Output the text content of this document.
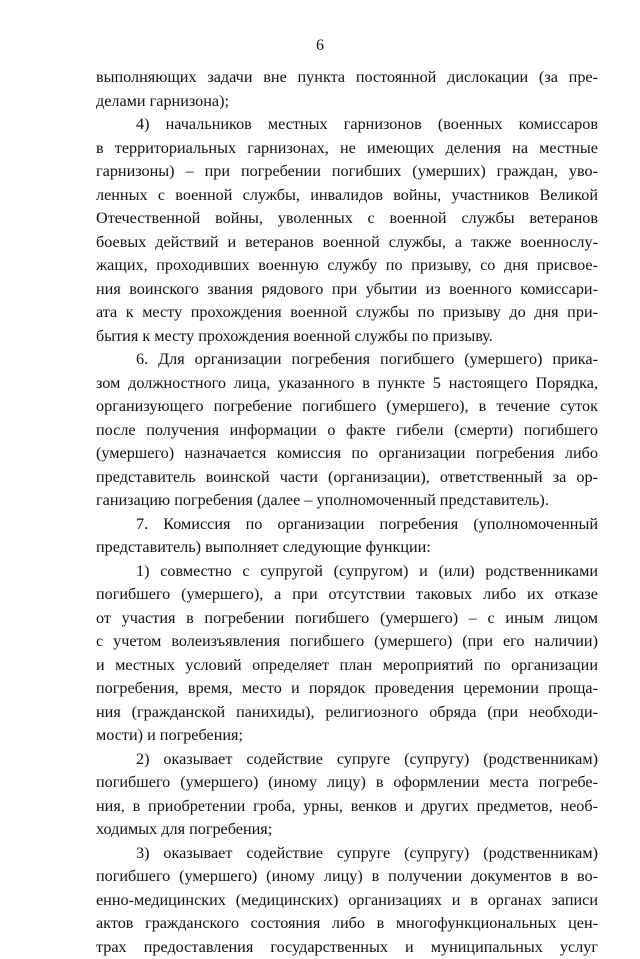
6
выполняющих задачи вне пункта постоянной дислокации (за пре-
делами гарнизона);
4) начальников местных гарнизонов (военных комиссаров
в территориальных гарнизонах, не имеющих деления на местные
гарнизоны) – при погребении погибших (умерших) граждан, уво-
ленных с военной службы, инвалидов войны, участников Великой
Отечественной войны, уволенных с военной службы ветеранов
боевых действий и ветеранов военной службы, а также военнослу-
жащих, проходивших военную службу по призыву, со дня присвое-
ния воинского звания рядового при убытии из военного комиссари-
ата к месту прохождения военной службы по призыву до дня при-
бытия к месту прохождения военной службы по призыву.
6. Для организации погребения погибшего (умершего) прика-
зом должностного лица, указанного в пункте 5 настоящего Порядка,
организующего погребение погибшего (умершего), в течение суток
после получения информации о факте гибели (смерти) погибшего
(умершего) назначается комиссия по организации погребения либо
представитель воинской части (организации), ответственный за ор-
ганизацию погребения (далее – уполномоченный представитель).
7. Комиссия по организации погребения (уполномоченный
представитель) выполняет следующие функции:
1) совместно с супругой (супругом) и (или) родственниками
погибшего (умершего), а при отсутствии таковых либо их отказе
от участия в погребении погибшего (умершего) – с иным лицом
с учетом волеизъявления погибшего (умершего) (при его наличии)
и местных условий определяет план мероприятий по организации
погребения, время, место и порядок проведения церемонии проща-
ния (гражданской панихиды), религиозного обряда (при необходи-
мости) и погребения;
2) оказывает содействие супруге (супругу) (родственникам)
погибшего (умершего) (иному лицу) в оформлении места погребе-
ния, в приобретении гроба, урны, венков и других предметов, необ-
ходимых для погребения;
3) оказывает содействие супруге (супругу) (родственникам)
погибшего (умершего) (иному лицу) в получении документов в во-
енно-медицинских (медицинских) организациях и в органах записи
актов гражданского состояния либо в многофункциональных цен-
трах предоставления государственных и муниципальных услуг
